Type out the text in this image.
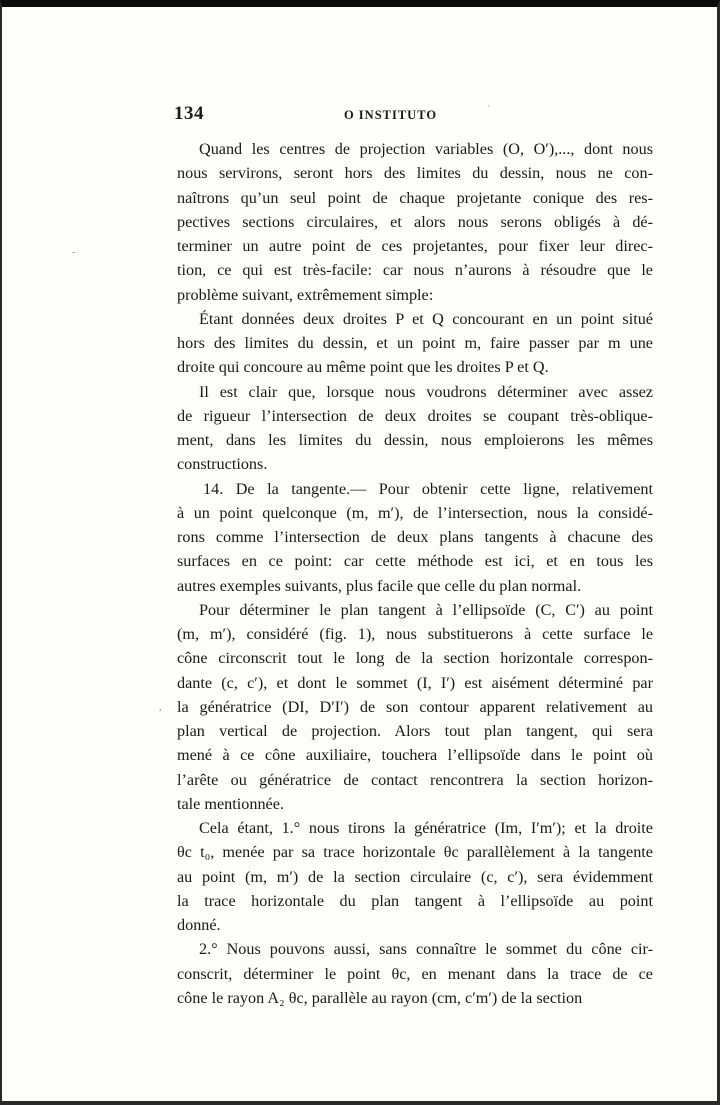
134	O INSTITUTO	ˈ
-
,
Quand les centres de projection variables (O, O′),..., dont nous
nous servirons, seront hors des limites du dessin, nous ne con-
naîtrons qu’un seul point de chaque projetante conique des res-
pectives sections circulaires, et alors nous serons obligés à dé-
terminer un autre point de ces projetantes, pour fixer leur direc-
tion, ce qui est très-facile: car nous n’aurons à résoudre que le
problème suivant, extrêmement simple:
Étant données deux droites P et Q concourant en un point situé
hors des limites du dessin, et un point m, faire passer par m une
droite qui concoure au même point que les droites P et Q.
Il est clair que, lorsque nous voudrons déterminer avec assez
de rigueur l’intersection de deux droites se coupant très-oblique-
ment, dans les limites du dessin, nous emploierons les mêmes
constructions.
14. De la tangente.— Pour obtenir cette ligne, relativement
à un point quelconque (m, m′), de l’intersection, nous la considé-
rons comme l’intersection de deux plans tangents à chacune des
surfaces en ce point: car cette méthode est ici, et en tous les
autres exemples suivants, plus facile que celle du plan normal.
Pour déterminer le plan tangent à l’ellipsoïde (C, C′) au point
(m, m′), considéré (fig. 1), nous substituerons à cette surface le
cône circonscrit tout le long de la section horizontale correspon-
dante (c, c′), et dont le sommet (I, I′) est aisément déterminé par
la génératrice (DI, D′I′) de son contour apparent relativement au
plan vertical de projection. Alors tout plan tangent, qui sera
mené à ce cône auxiliaire, touchera l’ellipsoïde dans le point où
l’arête ou génératrice de contact rencontrera la section horizon-
tale mentionnée.
Cela étant, 1.° nous tirons la génératrice (Im, I′m′); et la droite
θc t₀, menée par sa trace horizontale θc parallèlement à la tangente
au point (m, m′) de la section circulaire (c, c′), sera évidemment
la trace horizontale du plan tangent à l’ellipsoïde au point
donné.
2.° Nous pouvons aussi, sans connaître le sommet du cône cir-
conscrit, déterminer le point θc, en menant dans la trace de ce
cône le rayon A₂ θc, parallèle au rayon (cm, c′m′) de la section
